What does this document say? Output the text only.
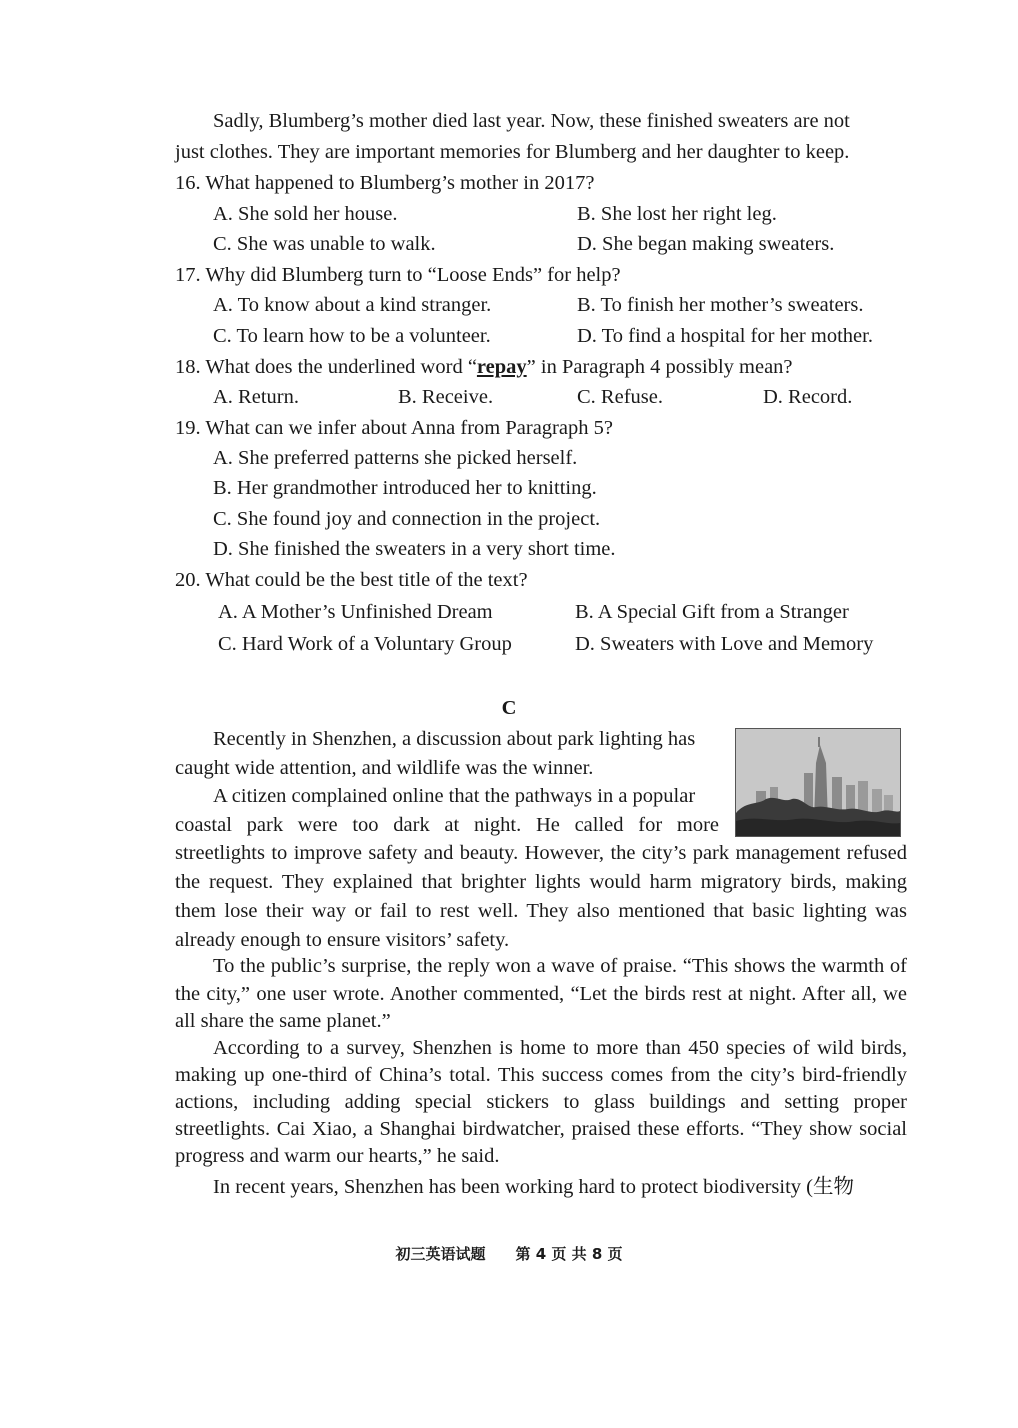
Sadly, Blumberg’s mother died last year. Now, these finished sweaters are not
just clothes. They are important memories for Blumberg and her daughter to keep.
16. What happened to Blumberg’s mother in 2017?
A. She sold her house.	B. She lost her right leg.
C. She was unable to walk.	D. She began making sweaters.
17. Why did Blumberg turn to “Loose Ends” for help?
A. To know about a kind stranger.	B. To finish her mother’s sweaters.
C. To learn how to be a volunteer.	D. To find a hospital for her mother.
18. What does the underlined word “repay” in Paragraph 4 possibly mean?
A. Return.	B. Receive.	C. Refuse.	D. Record.
19. What can we infer about Anna from Paragraph 5?
A. She preferred patterns she picked herself.
B. Her grandmother introduced her to knitting.
C. She found joy and connection in the project.
D. She finished the sweaters in a very short time.
20. What could be the best title of the text?
A. A Mother’s Unfinished Dream	B. A Special Gift from a Stranger
C. Hard Work of a Voluntary Group	D. Sweaters with Love and Memory
C
Recently in Shenzhen, a discussion about park lighting has
caught wide attention, and wildlife was the winner.
A citizen complained online that the pathways in a popular
coastal park were too dark at night. He called for more

streetlights to improve safety and beauty. However, the city’s park management refused the request. They explained that brighter lights would harm migratory birds, making them lose their way or fail to rest well. They also mentioned that basic lighting was already enough to ensure visitors’ safety.

To the public’s surprise, the reply won a wave of praise. “This shows the warmth of the city,” one user wrote. Another commented, “Let the birds rest at night. After all, we all share the same planet.”

According to a survey, Shenzhen is home to more than 450 species of wild birds, making up one-third of China’s total. This success comes from the city’s bird-friendly actions, including adding special stickers to glass buildings and setting proper streetlights. Cai Xiao, a Shanghai birdwatcher, praised these efforts. “They show social progress and warm our hearts,” he said.

In recent years, Shenzhen has been working hard to protect biodiversity (生物
初三英语试题　　第 4 页 共 8 页
